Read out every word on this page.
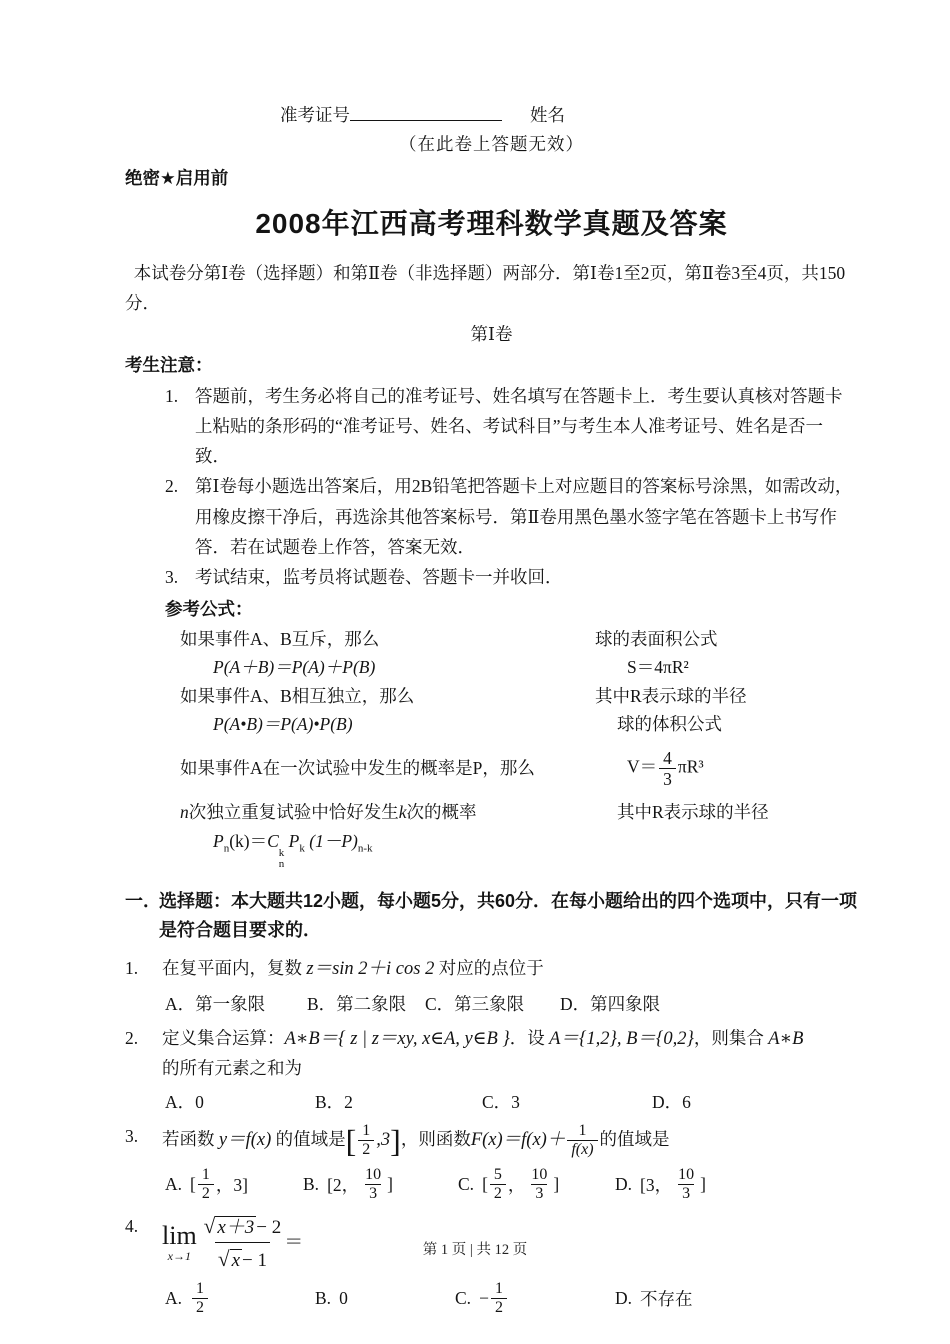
准考证号	姓名
（在此卷上答题无效）
绝密★启用前
2008年江西高考理科数学真题及答案

本试卷分第Ⅰ卷（选择题）和第Ⅱ卷（非选择题）两部分．第Ⅰ卷1至2页，第Ⅱ卷3至4页，共150分．

第Ⅰ卷
考生注意：
1. 答题前，考生务必将自己的准考证号、姓名填写在答题卡上．考生要认真核对答题卡上粘贴的条形码的“准考证号、姓名、考试科目”与考生本人准考证号、姓名是否一致．
2. 第Ⅰ卷每小题选出答案后，用2B铅笔把答题卡上对应题目的答案标号涂黑，如需改动，用橡皮擦干净后，再选涂其他答案标号．第Ⅱ卷用黑色墨水签字笔在答题卡上书写作答．若在试题卷上作答，答案无效．
3. 考试结束，监考员将试题卷、答题卡一并收回．
参考公式：
如果事件A、B互斥，那么	球的表面积公式
P(A＋B)＝P(A)＋P(B)	S＝4πR²
如果事件A、B相互独立，那么	其中R表示球的半径
P(A•B)＝P(A)•P(B)	球的体积公式
如果事件A在一次试验中发生的概率是P，那么	$V= \frac{4}{3} \pi R^3$
n次独立重复试验中恰好发生k次的概率	其中R表示球的半径
$P_n(k)=C$
k
n
$P_k$ $(1-P)_{n-k}$
一．
选择题：本大题共12小题，每小题5分，共60分．在每小题给出的四个选项中，只有一项是符合题目要求的．
1.	在复平面内，复数 z＝sin 2＋i cos 2 对应的点位于
A．第一象限	B．第二象限	C．第三象限	D．第四象限
2.	定义集合运算：A∗B＝{ z | z＝xy, x∈A, y∈B }．设 A＝{1,2}, B＝{0,2}，则集合 A∗B
的所有元素之和为
A．0	B．2	C．3	D．6
3.	若函数 y＝f(x) 的值域是[ $\frac{1}{2} ,3$]，则函数$F(x)=f(x)+ \frac{1}{f(x)}$ 的值域是
A. [ $\frac{1}{2}$ ，3]	B. [2， $\frac{10}{3}$ ]	C. [ $\frac{5}{2}$ ， $\frac{10}{3}$ ]	D. [3， $\frac{10}{3}$ ]
4. lim
$x\to 1 \frac{√ x+3 - 2}{√ x - 1}$ ＝
A. $\frac{1}{2}$	B. 0	C. − $\frac{1}{2}$	D. 不存在
第 1 页 | 共 12 页
